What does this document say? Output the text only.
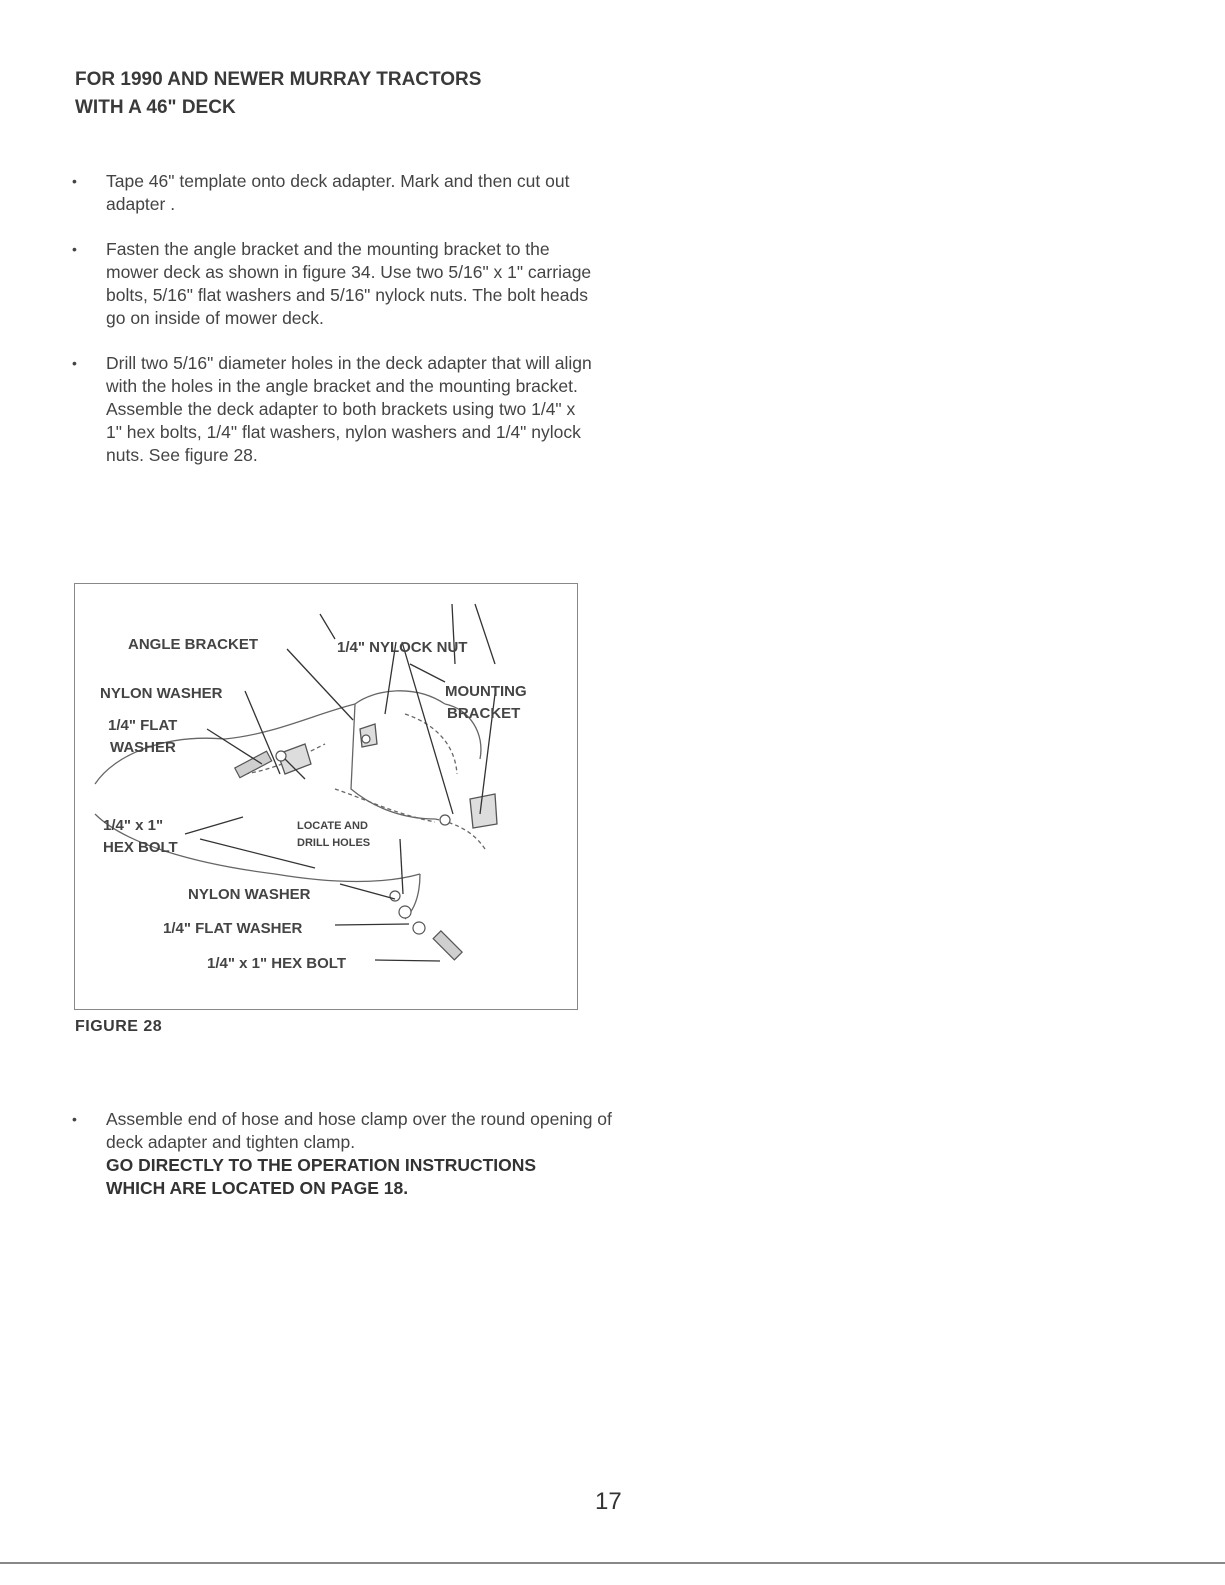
FOR 1990 AND NEWER MURRAY TRACTORS
WITH A 46" DECK
• Tape 46" template onto deck adapter. Mark and then cut out adapter .
• Fasten the angle bracket and the mounting bracket to the mower deck as shown in figure 34. Use two 5/16" x 1" carriage bolts, 5/16" flat washers and 5/16" nylock nuts. The bolt heads go on inside of mower deck.
• Drill two 5/16" diameter holes in the deck adapter that will align with the holes in the angle bracket and the mounting bracket. Assemble the deck adapter to both brackets using two 1/4" x 1" hex bolts, 1/4" flat washers, nylon washers and 1/4" nylock nuts. See figure 28.
ANGLE BRACKET	1/4" NYLOCK NUT
NYLON WASHER	MOUNTING
BRACKET
1/4" FLAT
WASHER
1/4" x 1"
HEX BOLT
LOCATE AND
DRILL HOLES
NYLON WASHER
1/4" FLAT WASHER
1/4" x 1" HEX BOLT
FIGURE 28
• Assemble end of hose and hose clamp over the round opening of deck adapter and tighten clamp.
GO DIRECTLY TO THE OPERATION INSTRUCTIONS
WHICH ARE LOCATED ON PAGE 18.
17
